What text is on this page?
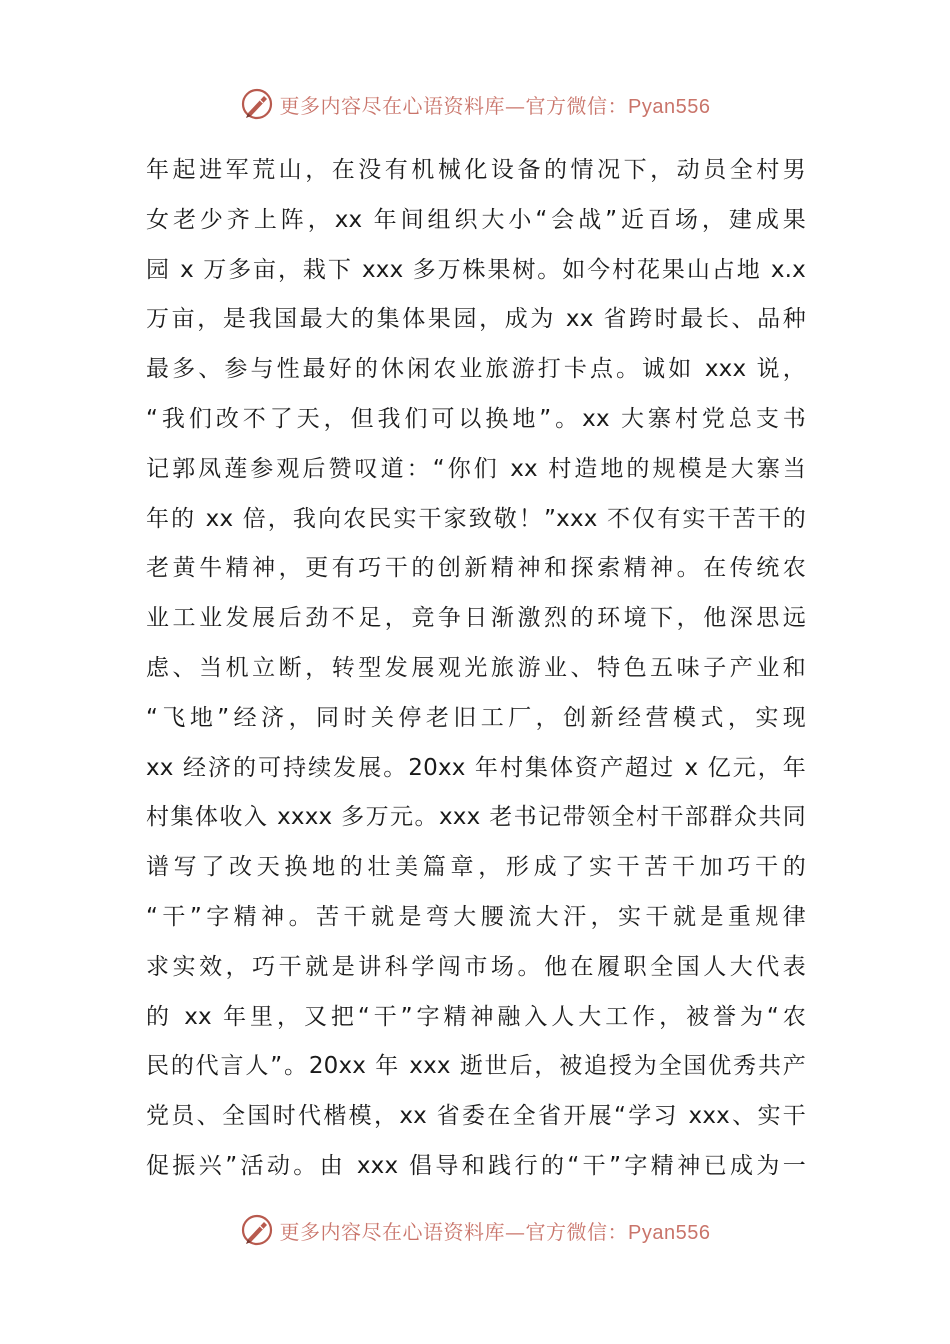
更多内容尽在心语资料库—官方微信：Pyan556
年起进军荒山，在没有机械化设备的情况下，动员全村男
女老少齐上阵，xx 年间组织大小“会战”近百场，建成果
园 x 万多亩，栽下 xxx 多万株果树。如今村花果山占地 x.x
万亩，是我国最大的集体果园，成为 xx 省跨时最长、品种
最多、参与性最好的休闲农业旅游打卡点。诚如 xxx 说，
“我们改不了天，但我们可以换地”。xx 大寨村党总支书
记郭凤莲参观后赞叹道：“你们 xx 村造地的规模是大寨当
年的 xx 倍，我向农民实干家致敬！”xxx 不仅有实干苦干的
老黄牛精神，更有巧干的创新精神和探索精神。在传统农
业工业发展后劲不足，竞争日渐激烈的环境下，他深思远
虑、当机立断，转型发展观光旅游业、特色五味子产业和
“飞地”经济，同时关停老旧工厂，创新经营模式，实现
xx 经济的可持续发展。20xx 年村集体资产超过 x 亿元，年
村集体收入 xxxx 多万元。xxx 老书记带领全村干部群众共同
谱写了改天换地的壮美篇章，形成了实干苦干加巧干的
“干”字精神。苦干就是弯大腰流大汗，实干就是重规律
求实效，巧干就是讲科学闯市场。他在履职全国人大代表
的 xx 年里，又把“干”字精神融入人大工作，被誉为“农
民的代言人”。20xx 年 xxx 逝世后，被追授为全国优秀共产
党员、全国时代楷模，xx 省委在全省开展“学习 xxx、实干
促振兴”活动。由 xxx 倡导和践行的“干”字精神已成为一
更多内容尽在心语资料库—官方微信：Pyan556
